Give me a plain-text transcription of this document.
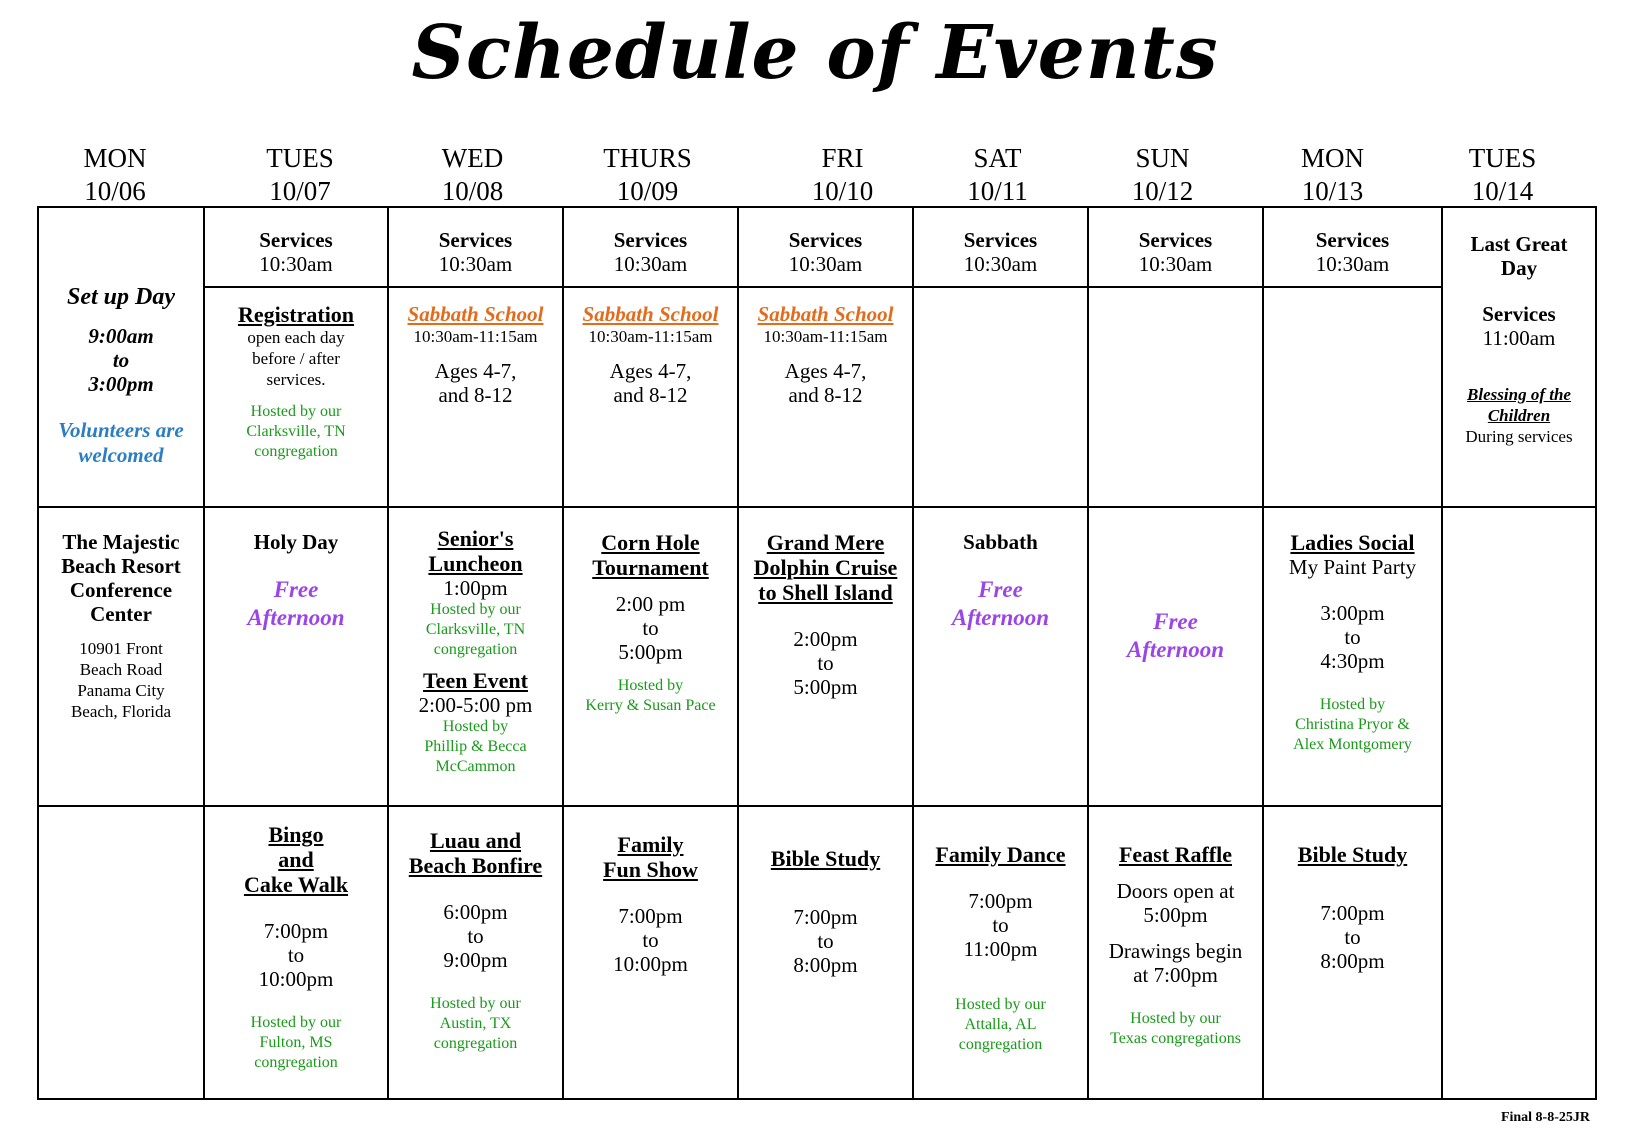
Schedule of Events
MON
10/06
TUES
10/07
WED
10/08
THURS
10/09
FRI
10/10
SAT
10/11
SUN
10/12
MON
10/13
TUES
10/14
Services
10:30am
Services
10:30am
Services
10:30am
Services
10:30am
Services
10:30am
Services
10:30am
Services
10:30am
Set up Day
9:00am
to
3:00pm
Volunteers are welcomed
Registration
open each day
before / after
services.
Hosted by our
Clarksville, TN
congregation
Sabbath School
10:30am-11:15am
Ages 4-7,
and 8-12
Sabbath School
10:30am-11:15am
Ages 4-7,
and 8-12
Sabbath School
10:30am-11:15am
Ages 4-7,
and 8-12
Last Great
Day
Services
11:00am
Blessing of the
Children
During services
The Majestic
Beach Resort
Conference
Center
10901 Front
Beach Road
Panama City
Beach, Florida
Holy Day
Free
Afternoon
Senior's
Luncheon
1:00pm
Hosted by our
Clarksville, TN
congregation
Teen Event
2:00-5:00 pm
Hosted by
Phillip & Becca
McCammon
Corn Hole
Tournament
2:00 pm
to
5:00pm
Hosted by
Kerry & Susan Pace
Grand Mere
Dolphin Cruise
to Shell Island
2:00pm
to
5:00pm
Sabbath
Free
Afternoon	Free
Afternoon
Ladies Social
My Paint Party
3:00pm
to
4:30pm
Hosted by
Christina Pryor &
Alex Montgomery
Bingo
and
Cake Walk
7:00pm
to
10:00pm
Hosted by our
Fulton, MS
congregation
Luau and
Beach Bonfire
6:00pm
to
9:00pm
Hosted by our
Austin, TX
congregation
Family
Fun Show
7:00pm
to
10:00pm
Bible Study
7:00pm
to
8:00pm
Family Dance
7:00pm
to
11:00pm
Hosted by our
Attalla, AL
congregation
Feast Raffle
Doors open at
5:00pm
Drawings begin
at 7:00pm
Hosted by our
Texas congregations
Bible Study
7:00pm
to
8:00pm
Final 8-8-25JR
